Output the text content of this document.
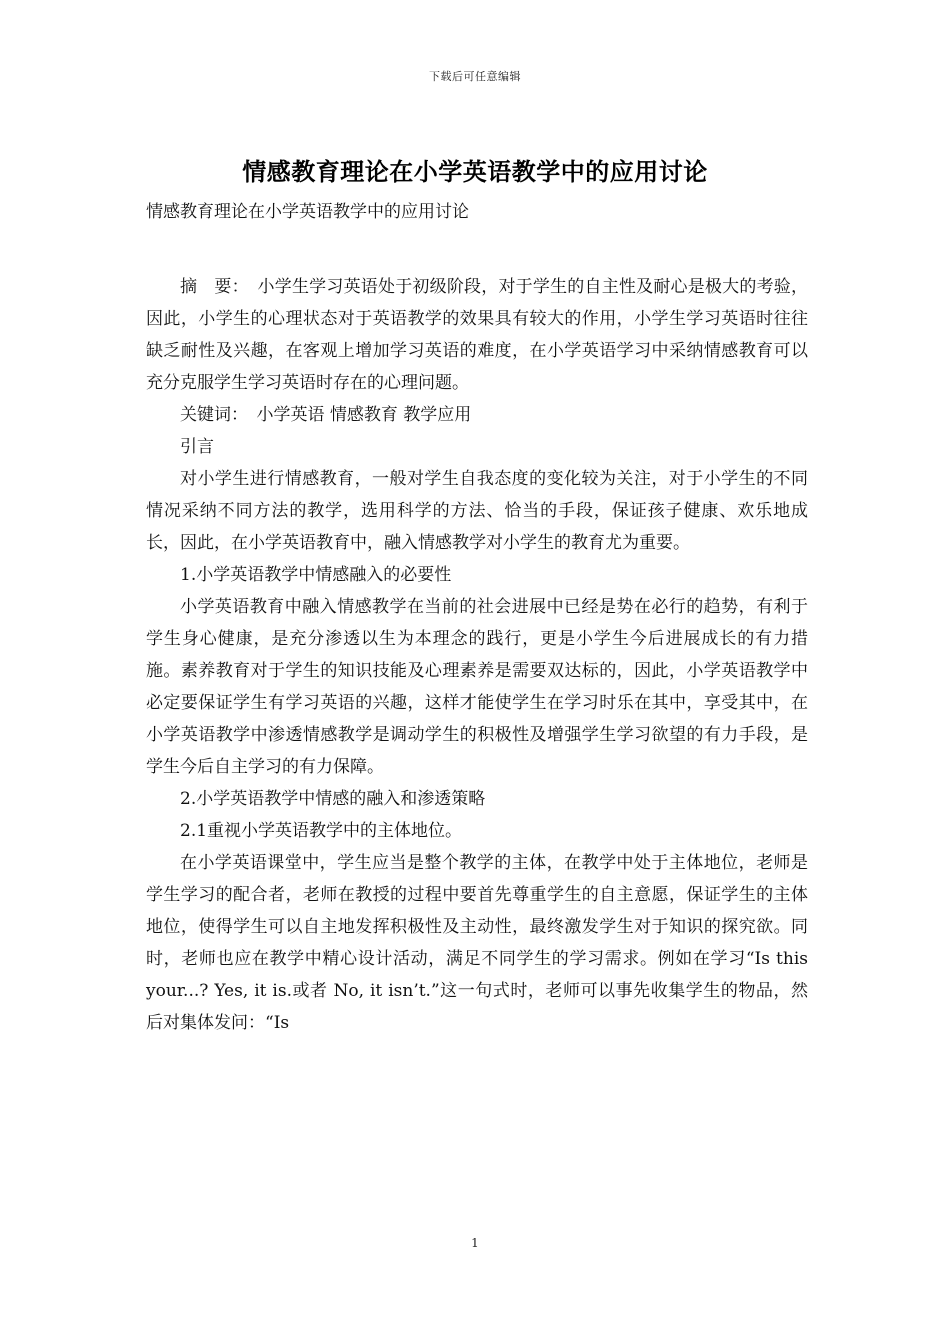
下载后可任意编辑
情感教育理论在小学英语教学中的应用讨论

情感教育理论在小学英语教学中的应用讨论

摘　要：　小学生学习英语处于初级阶段，对于学生的自主性及耐心是极大的考验，因此，小学生的心理状态对于英语教学的效果具有较大的作用，小学生学习英语时往往缺乏耐性及兴趣，在客观上增加学习英语的难度，在小学英语学习中采纳情感教育可以充分克服学生学习英语时存在的心理问题。

关键词：　小学英语 情感教育 教学应用

引言

对小学生进行情感教育，一般对学生自我态度的变化较为关注，对于小学生的不同情况采纳不同方法的教学，选用科学的方法、恰当的手段，保证孩子健康、欢乐地成长，因此，在小学英语教育中，融入情感教学对小学生的教育尤为重要。

1.小学英语教学中情感融入的必要性

小学英语教育中融入情感教学在当前的社会进展中已经是势在必行的趋势，有利于学生身心健康，是充分渗透以生为本理念的践行，更是小学生今后进展成长的有力措施。素养教育对于学生的知识技能及心理素养是需要双达标的，因此，小学英语教学中必定要保证学生有学习英语的兴趣，这样才能使学生在学习时乐在其中，享受其中，在小学英语教学中渗透情感教学是调动学生的积极性及增强学生学习欲望的有力手段，是学生今后自主学习的有力保障。

2.小学英语教学中情感的融入和渗透策略

2.1重视小学英语教学中的主体地位。

在小学英语课堂中，学生应当是整个教学的主体，在教学中处于主体地位，老师是学生学习的配合者，老师在教授的过程中要首先尊重学生的自主意愿，保证学生的主体地位，使得学生可以自主地发挥积极性及主动性，最终激发学生对于知识的探究欲。同时，老师也应在教学中精心设计活动，满足不同学生的学习需求。例如在学习“Is this your...? Yes, it is.或者 No, it isn’t.”这一句式时，老师可以事先收集学生的物品，然后对集体发问：“Is

1
